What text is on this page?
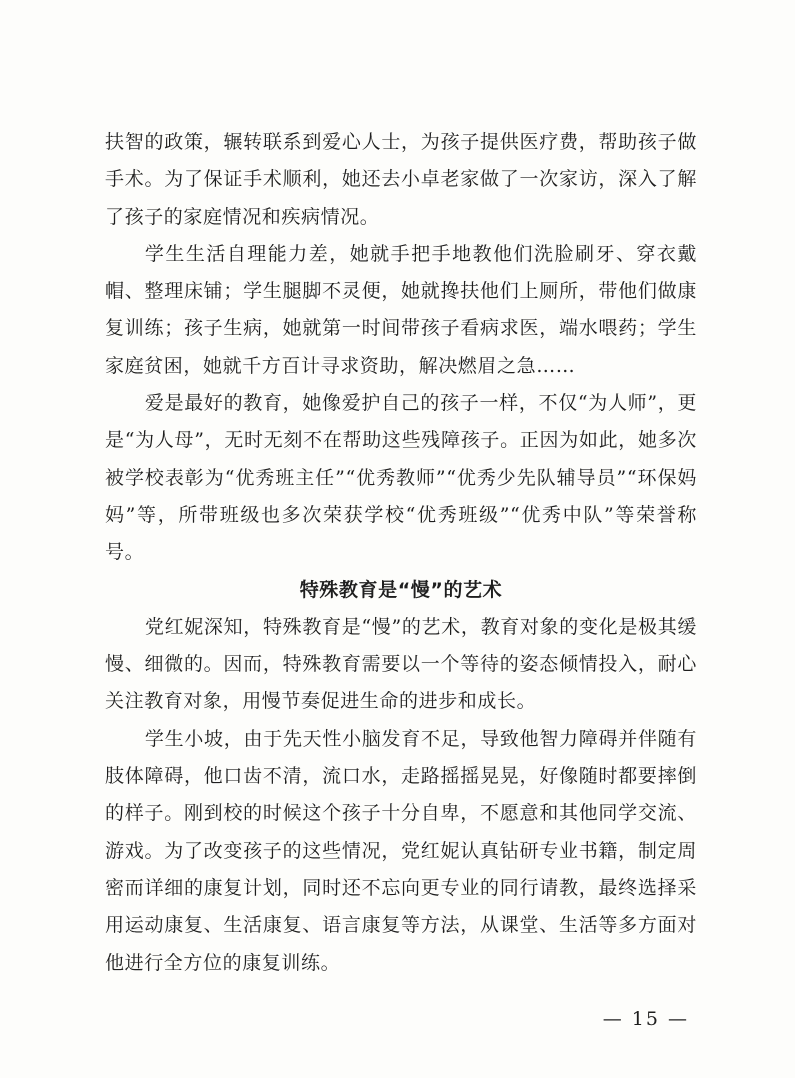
扶智的政策，辗转联系到爱心人士，为孩子提供医疗费，帮助孩子做手术。为了保证手术顺利，她还去小卓老家做了一次家访，深入了解了孩子的家庭情况和疾病情况。

学生生活自理能力差，她就手把手地教他们洗脸刷牙、穿衣戴帽、整理床铺；学生腿脚不灵便，她就搀扶他们上厕所，带他们做康复训练；孩子生病，她就第一时间带孩子看病求医，端水喂药；学生家庭贫困，她就千方百计寻求资助，解决燃眉之急……

爱是最好的教育，她像爱护自己的孩子一样，不仅“为人师”，更是“为人母”，无时无刻不在帮助这些残障孩子。正因为如此，她多次被学校表彰为“优秀班主任”“优秀教师”“优秀少先队辅导员”“环保妈妈”等，所带班级也多次荣获学校“优秀班级”“优秀中队”等荣誉称号。

特殊教育是“慢”的艺术

党红妮深知，特殊教育是“慢”的艺术，教育对象的变化是极其缓慢、细微的。因而，特殊教育需要以一个等待的姿态倾情投入，耐心关注教育对象，用慢节奏促进生命的进步和成长。

学生小坡，由于先天性小脑发育不足，导致他智力障碍并伴随有肢体障碍，他口齿不清，流口水，走路摇摇晃晃，好像随时都要摔倒的样子。刚到校的时候这个孩子十分自卑，不愿意和其他同学交流、游戏。为了改变孩子的这些情况，党红妮认真钻研专业书籍，制定周密而详细的康复计划，同时还不忘向更专业的同行请教，最终选择采用运动康复、生活康复、语言康复等方法，从课堂、生活等多方面对他进行全方位的康复训练。

— 15 —
